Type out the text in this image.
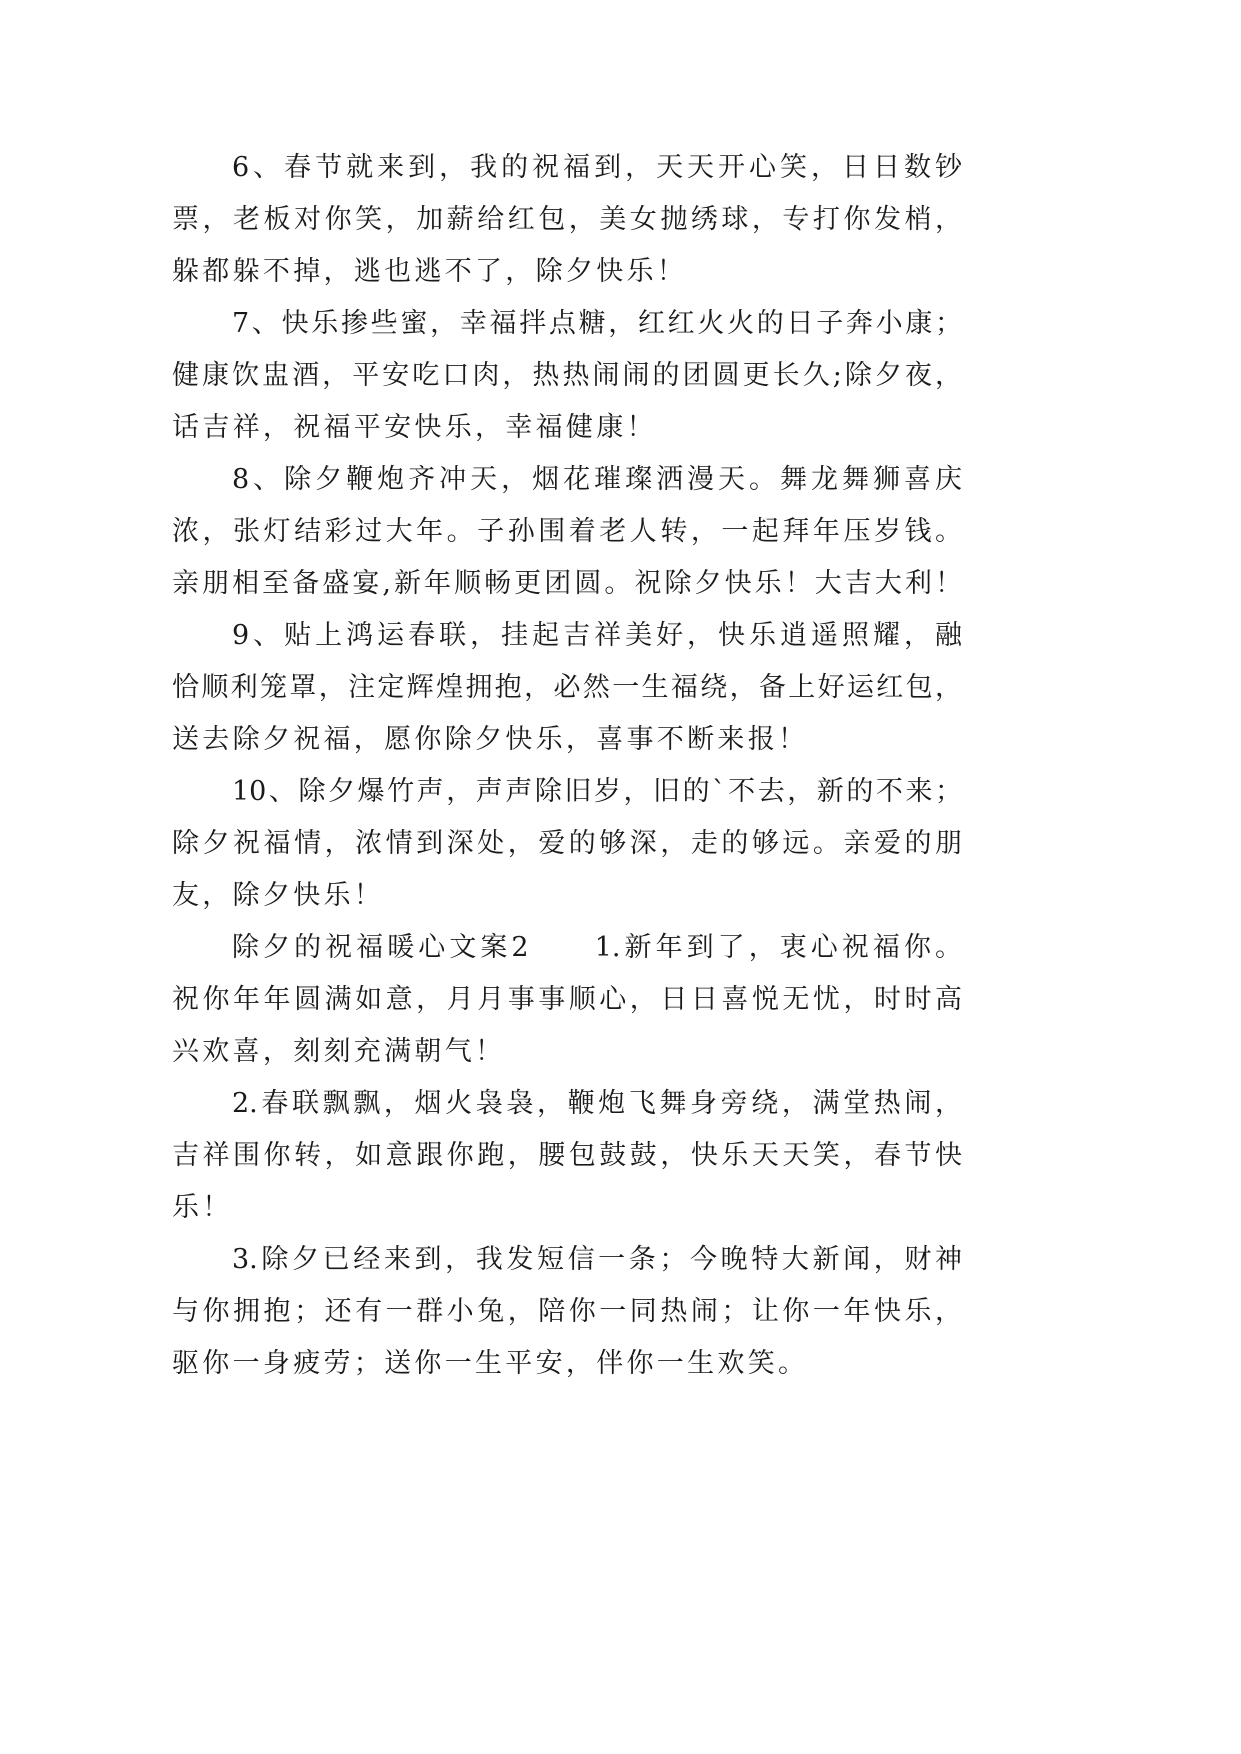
6、春节就来到，我的祝福到，天天开心笑，日日数钞
票，老板对你笑，加薪给红包，美女抛绣球，专打你发梢，
躲都躲不掉，逃也逃不了，除夕快乐！
7、快乐掺些蜜，幸福拌点糖，红红火火的日子奔小康；
健康饮盅酒，平安吃口肉，热热闹闹的团圆更长久;除夕夜，
话吉祥，祝福平安快乐，幸福健康！
8、除夕鞭炮齐冲天，烟花璀璨洒漫天。舞龙舞狮喜庆
浓，张灯结彩过大年。子孙围着老人转，一起拜年压岁钱。
亲朋相至备盛宴,新年顺畅更团圆。祝除夕快乐！大吉大利！
9、贴上鸿运春联，挂起吉祥美好，快乐逍遥照耀，融
恰顺利笼罩，注定辉煌拥抱，必然一生福绕，备上好运红包，
送去除夕祝福，愿你除夕快乐，喜事不断来报！
10、除夕爆竹声，声声除旧岁，旧的`不去，新的不来；
除夕祝福情，浓情到深处，爱的够深，走的够远。亲爱的朋
友，除夕快乐！
除夕的祝福暖心文案2　　1.新年到了，衷心祝福你。
祝你年年圆满如意，月月事事顺心，日日喜悦无忧，时时高
兴欢喜，刻刻充满朝气！
2.春联飘飘，烟火袅袅，鞭炮飞舞身旁绕，满堂热闹，
吉祥围你转，如意跟你跑，腰包鼓鼓，快乐天天笑，春节快
乐！
3.除夕已经来到，我发短信一条；今晚特大新闻，财神
与你拥抱；还有一群小兔，陪你一同热闹；让你一年快乐，
驱你一身疲劳；送你一生平安，伴你一生欢笑。
